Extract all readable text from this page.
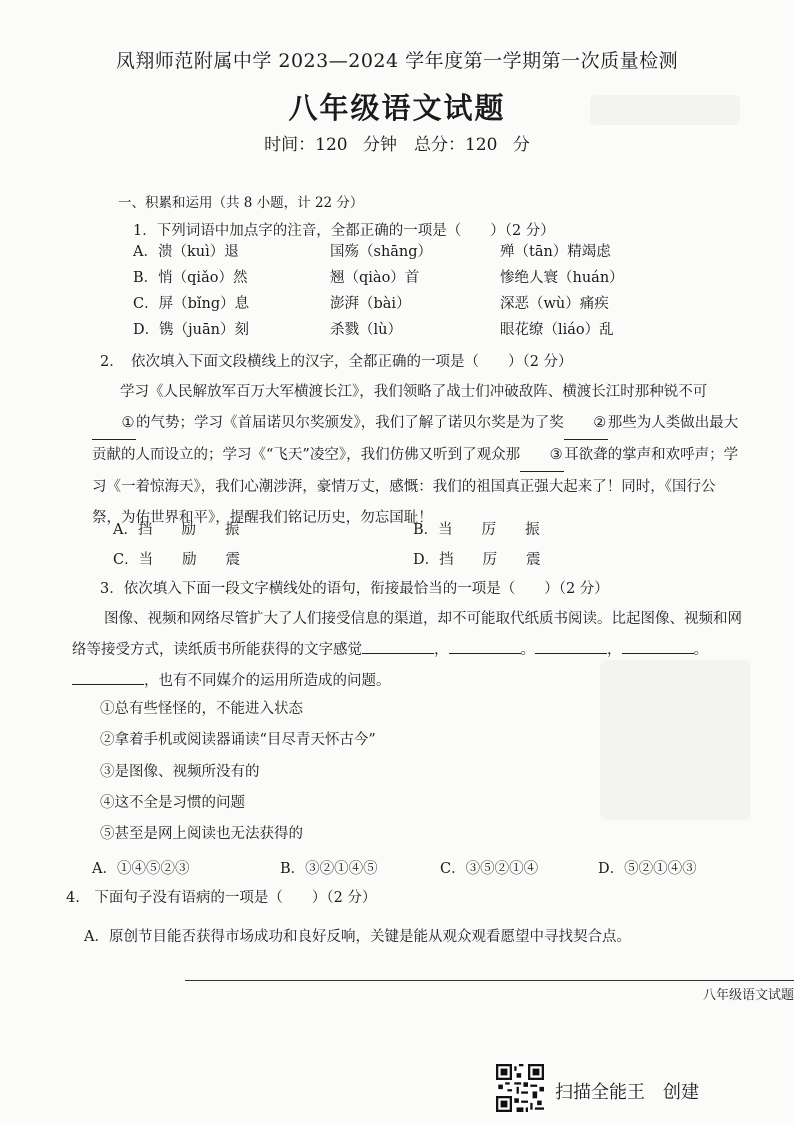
凤翔师范附属中学 2023—2024 学年度第一学期第一次质量检测
八年级语文试题
时间：120 分钟　总分：120 分
一、积累和运用（共 8 小题，计 22 分）
1．下列词语中加点字的注音，全都正确的一项是（　　）（2 分）
A．溃（kuì）退	国殇（shāng）	殚（tān）精竭虑
B．悄（qiǎo）然	翘（qiào）首	惨绝人寰（huán）
C．屏（bǐng）息	澎湃（bài）	深恶（wù）痛疾
D．镌（juān）刻	杀戮（lù）	眼花缭（liáo）乱
2．　依次填入下面文段横线上的汉字，全都正确的一项是（　　）（2 分）
学习《人民解放军百万大军横渡长江》，我们领略了战士们冲破敌阵、横渡长江时那种锐不可① 的气势；学习《首届诺贝尔奖颁发》，我们了解了诺贝尔奖是为了奖 ② 那些为人类做出最大贡献的人而设立的；学习《“飞天”凌空》，我们仿佛又听到了观众那 ③ 耳欲聋的掌声和欢呼声；学习《一着惊海天》，我们心潮涉湃，豪情万丈，感慨：我们的祖国真正强大起来了！同时，《国行公祭，为佑世界和平》，提醒我们铭记历史，勿忘国耻！
A．挡　　励　　振	B．当　　厉　　振
C．当　　励　　震	D．挡　　厉　　震
3．依次填入下面一段文字横线处的语句，衔接最恰当的一项是（　　）（2 分）
图像、视频和网络尽管扩大了人们接受信息的渠道，却不可能取代纸质书阅读。比起图像、视频和网络等接受方式，读纸质书所能获得的文字感觉	，	。	，	。，也有不同媒介的运用所造成的问题。
①总有些怪怪的，不能进入状态
②拿着手机或阅读器诵读“目尽青天怀古今”
③是图像、视频所没有的
④这不全是习惯的问题
⑤甚至是网上阅读也无法获得的
A．①④⑤②③	B．③②①④⑤	C．③⑤②①④	D．⑤②①④③
4.　下面句子没有语病的一项是（　　）（2 分）
A．原创节目能否获得市场成功和良好反响，关键是能从观众观看愿望中寻找契合点。
八年级语文试题
扫描全能王　创建
